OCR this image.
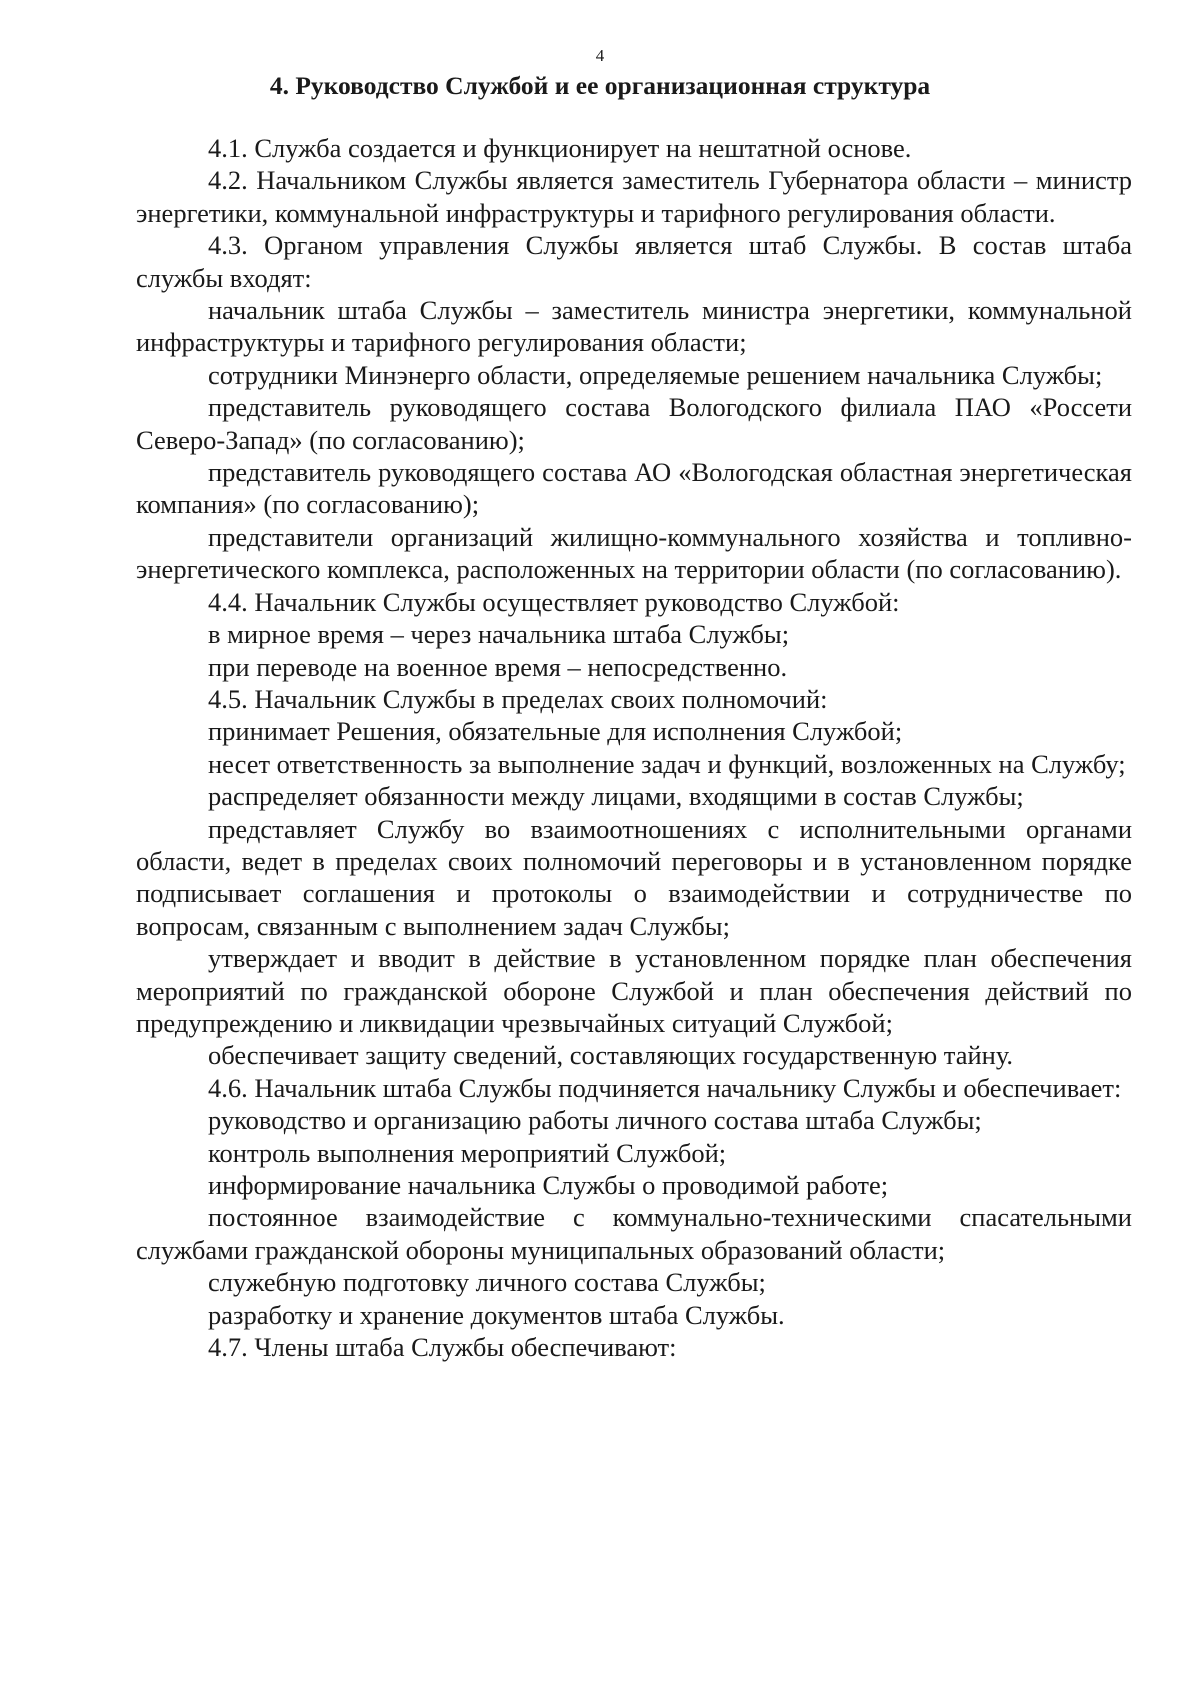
4
4. Руководство Службой и ее организационная структура

4.1. Служба создается и функционирует на нештатной основе.

4.2. Начальником Службы является заместитель Губернатора области – министр энергетики, коммунальной инфраструктуры и тарифного регулирования области.

4.3. Органом управления Службы является штаб Службы. В состав штаба службы входят:

начальник штаба Службы – заместитель министра энергетики, коммунальной инфраструктуры и тарифного регулирования области;

сотрудники Минэнерго области, определяемые решением начальника Службы;

представитель руководящего состава Вологодского филиала ПАО «Россети Северо-Запад» (по согласованию);

представитель руководящего состава АО «Вологодская областная энергетическая компания» (по согласованию);

представители организаций жилищно-коммунального хозяйства и топливно-энергетического комплекса, расположенных на территории области (по согласованию).

4.4. Начальник Службы осуществляет руководство Службой:

в мирное время – через начальника штаба Службы;

при переводе на военное время – непосредственно.

4.5. Начальник Службы в пределах своих полномочий:

принимает Решения, обязательные для исполнения Службой;

несет ответственность за выполнение задач и функций, возложенных на Службу;

распределяет обязанности между лицами, входящими в состав Службы;

представляет Службу во взаимоотношениях с исполнительными органами области, ведет в пределах своих полномочий переговоры и в установленном порядке подписывает соглашения и протоколы о взаимодействии и сотрудничестве по вопросам, связанным с выполнением задач Службы;

утверждает и вводит в действие в установленном порядке план обеспечения мероприятий по гражданской обороне Службой и план обеспечения действий по предупреждению и ликвидации чрезвычайных ситуаций Службой;

обеспечивает защиту сведений, составляющих государственную тайну.

4.6. Начальник штаба Службы подчиняется начальнику Службы и обеспечивает:

руководство и организацию работы личного состава штаба Службы;

контроль выполнения мероприятий Службой;

информирование начальника Службы о проводимой работе;

постоянное взаимодействие с коммунально-техническими спасательными службами гражданской обороны муниципальных образований области;

служебную подготовку личного состава Службы;

разработку и хранение документов штаба Службы.

4.7. Члены штаба Службы обеспечивают:
